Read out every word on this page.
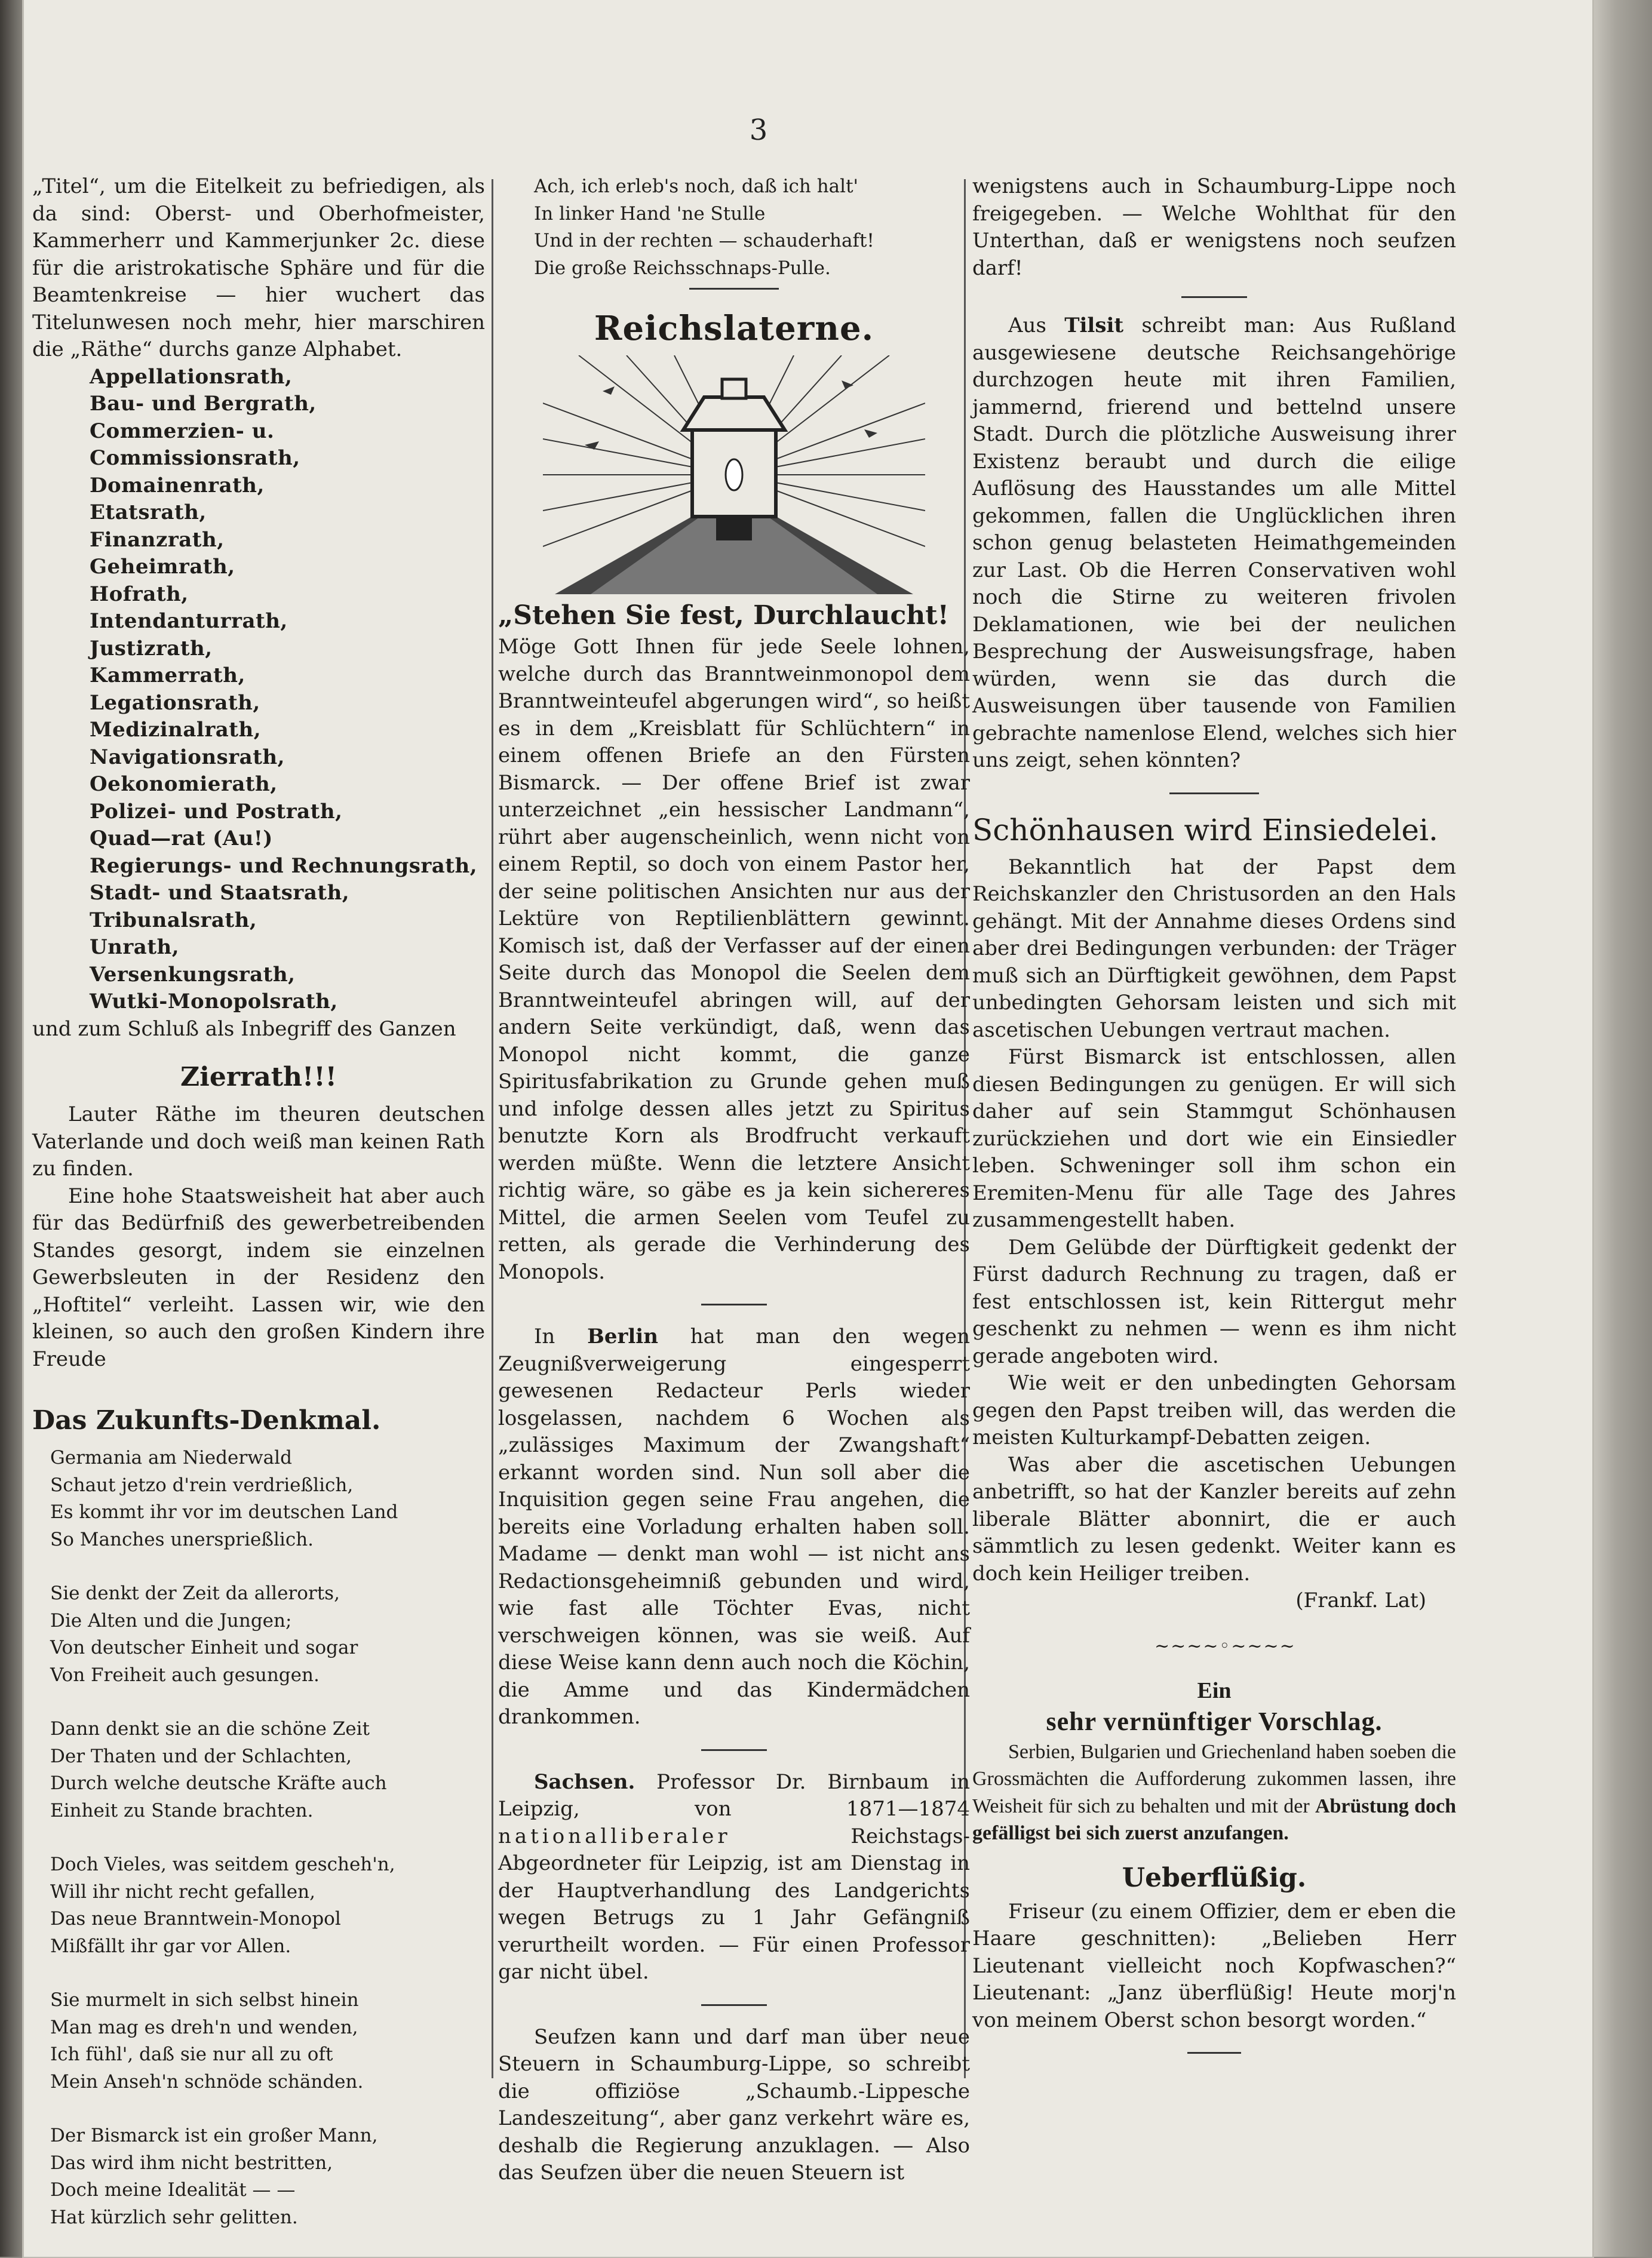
3

„Titel“, um die Eitelkeit zu befriedigen, als da sind: Oberst- und Oberhofmeister, Kammerherr und Kammerjunker 2c. diese für die aristrokatische Sphäre und für die Beamtenkreise — hier wuchert das Titelunwesen noch mehr, hier marschiren die „Räthe“ durchs ganze Alphabet.

Appellationsrath,
Bau- und Bergrath,
Commerzien- u. Commissionsrath,
Domainenrath,
Etatsrath,
Finanzrath,
Geheimrath,
Hofrath,
Intendanturrath,
Justizrath,
Kammerrath,
Legationsrath,
Medizinalrath,
Navigationsrath,
Oekonomierath,
Polizei- und Postrath,
Quad—rat (Au!)
Regierungs- und Rechnungsrath,
Stadt- und Staatsrath,
Tribunalsrath,
Unrath,
Versenkungsrath,
Wutki-Monopolsrath,

und zum Schluß als Inbegriff des Ganzen

Zierrath!!!

Lauter Räthe im theuren deutschen Vaterlande und doch weiß man keinen Rath zu finden.

Eine hohe Staatsweisheit hat aber auch für das Bedürfniß des gewerbetreibenden Standes gesorgt, indem sie einzelnen Gewerbsleuten in der Residenz den „Hoftitel“ verleiht. Lassen wir, wie den kleinen, so auch den großen Kindern ihre Freude

Das Zukunfts-Denkmal.
Germania am Niederwald
Schaut jetzo d'rein verdrießlich,
Es kommt ihr vor im deutschen Land
So Manches unersprießlich.
Sie denkt der Zeit da allerorts,
Die Alten und die Jungen;
Von deutscher Einheit und sogar
Von Freiheit auch gesungen.
Dann denkt sie an die schöne Zeit
Der Thaten und der Schlachten,
Durch welche deutsche Kräfte auch
Einheit zu Stande brachten.
Doch Vieles, was seitdem gescheh'n,
Will ihr nicht recht gefallen,
Das neue Branntwein-Monopol
Mißfällt ihr gar vor Allen.
Sie murmelt in sich selbst hinein
Man mag es dreh'n und wenden,
Ich fühl', daß sie nur all zu oft
Mein Anseh'n schnöde schänden.
Der Bismarck ist ein großer Mann,
Das wird ihm nicht bestritten,
Doch meine Idealität — —
Hat kürzlich sehr gelitten.
Ach, ich erleb's noch, daß ich halt'
In linker Hand 'ne Stulle
Und in der rechten — schauderhaft!
Die große Reichsschnaps-Pulle.
Reichslaterne.
„Stehen Sie fest, Durchlaucht!

Möge Gott Ihnen für jede Seele lohnen, welche durch das Branntweinmonopol dem Branntweinteufel abgerungen wird“, so heißt es in dem „Kreisblatt für Schlüchtern“ in einem offenen Briefe an den Fürsten Bismarck. — Der offene Brief ist zwar unterzeichnet „ein hessischer Landmann“, rührt aber augenscheinlich, wenn nicht von einem Reptil, so doch von einem Pastor her, der seine politischen Ansichten nur aus der Lektüre von Reptilienblättern gewinnt. Komisch ist, daß der Verfasser auf der einen Seite durch das Monopol die Seelen dem Branntweinteufel abringen will, auf der andern Seite verkündigt, daß, wenn das Monopol nicht kommt, die ganze Spiritusfabrikation zu Grunde gehen muß und infolge dessen alles jetzt zu Spiritus benutzte Korn als Brodfrucht verkauft werden müßte. Wenn die letztere Ansicht richtig wäre, so gäbe es ja kein sichereres Mittel, die armen Seelen vom Teufel zu retten, als gerade die Verhinderung des Monopols.

In Berlin hat man den wegen Zeugnißverweigerung eingesperrt gewesenen Redacteur Perls wieder losgelassen, nachdem 6 Wochen als „zulässiges Maximum der Zwangshaft“ erkannt worden sind. Nun soll aber die Inquisition gegen seine Frau angehen, die bereits eine Vorladung erhalten haben soll. Madame — denkt man wohl — ist nicht ans Redactionsgeheimniß gebunden und wird, wie fast alle Töchter Evas, nicht verschweigen können, was sie weiß. Auf diese Weise kann denn auch noch die Köchin, die Amme und das Kindermädchen drankommen.

Sachsen. Professor Dr. Birnbaum in Leipzig, von 1871—1874 nationalliberaler	Reichstags-Abgeordneter für Leipzig, ist am Dienstag in der Hauptverhandlung des Landgerichts wegen Betrugs zu 1 Jahr Gefängniß verurtheilt worden. — Für einen Professor gar nicht übel.

Seufzen kann und darf man über neue Steuern in Schaumburg-Lippe, so schreibt die offiziöse „Schaumb.-Lippesche Landeszeitung“, aber ganz verkehrt wäre es, deshalb die Regierung anzuklagen. — Also das Seufzen über die neuen Steuern ist

wenigstens auch in Schaumburg-Lippe noch freigegeben. — Welche Wohlthat für den Unterthan, daß er wenigstens noch seufzen darf!

Aus Tilsit schreibt man: Aus Rußland ausgewiesene deutsche Reichsangehörige durchzogen heute mit ihren Familien, jammernd, frierend und bettelnd unsere Stadt. Durch die plötzliche Ausweisung ihrer Existenz beraubt und durch die eilige Auflösung des Hausstandes um alle Mittel gekommen, fallen die Unglücklichen ihren schon genug belasteten Heimathgemeinden zur Last. Ob die Herren Conservativen wohl noch die Stirne zu weiteren frivolen Deklamationen, wie bei der neulichen Besprechung der Ausweisungsfrage, haben würden, wenn sie das durch die Ausweisungen über tausende von Familien gebrachte namenlose Elend, welches sich hier uns zeigt, sehen könnten?

Schönhausen wird Einsiedelei.

Bekanntlich hat der Papst dem Reichskanzler den Christusorden an den Hals gehängt. Mit der Annahme dieses Ordens sind aber drei Bedingungen verbunden: der Träger muß sich an Dürftigkeit gewöhnen, dem Papst unbedingten Gehorsam leisten und sich mit ascetischen Uebungen vertraut machen.

Fürst Bismarck ist entschlossen, allen diesen Bedingungen zu genügen. Er will sich daher auf sein Stammgut Schönhausen zurückziehen und dort wie ein Einsiedler leben. Schweninger soll ihm schon ein Eremiten-Menu für alle Tage des Jahres zusammengestellt haben.

Dem Gelübde der Dürftigkeit gedenkt der Fürst dadurch Rechnung zu tragen, daß er fest entschlossen ist, kein Rittergut mehr geschenkt zu nehmen — wenn es ihm nicht gerade angeboten wird.

Wie weit er den unbedingten Gehorsam gegen den Papst treiben will, das werden die meisten Kulturkampf-Debatten zeigen.

Was aber die ascetischen Uebungen anbetrifft, so hat der Kanzler bereits auf zehn liberale Blätter abonnirt, die er auch sämmtlich zu lesen gedenkt. Weiter kann es doch kein Heiliger treiben.

(Frankf. Lat)

~~~~◦~~~~
Ein
sehr vernünftiger Vorschlag.

Serbien, Bulgarien und Griechenland haben soeben die Grossmächten die Aufforderung zukommen lassen, ihre Weisheit für sich zu behalten und mit der Abrüstung doch gefälligst bei sich zuerst anzufangen.

Ueberflüßig.

Friseur (zu einem Offizier, dem er eben die Haare geschnitten): „Belieben Herr Lieutenant vielleicht noch Kopfwaschen?“ Lieutenant: „Janz überflüßig! Heute morj'n von meinem Oberst schon besorgt worden.“
